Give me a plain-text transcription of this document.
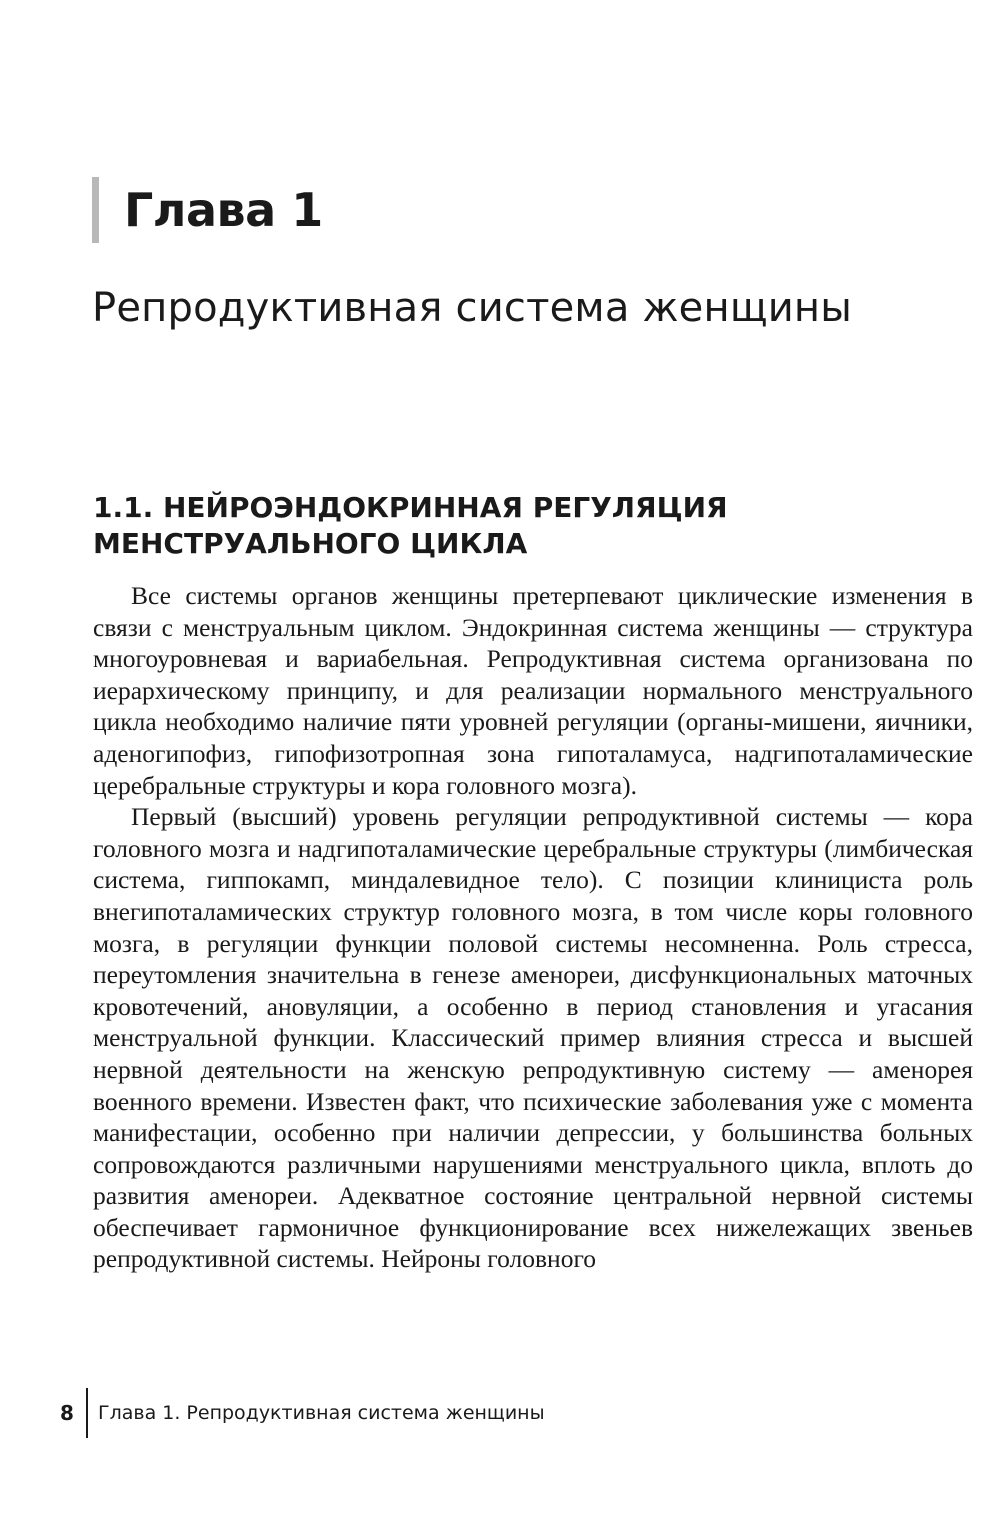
Глава 1
Репродуктивная система женщины
1.1. НЕЙРОЭНДОКРИННАЯ РЕГУЛЯЦИЯ МЕНСТРУАЛЬНОГО ЦИКЛА

Все системы органов женщины претерпевают циклические изменения в связи с менструальным циклом. Эндокринная система женщины — структура многоуровневая и вариабельная. Репродуктивная система организована по иерархическому принципу, и для реализации нормального менструального цикла необходимо наличие пяти уровней регуляции (органы-мишени, яичники, аденогипофиз, гипофизотропная зона гипоталамуса, надгипоталамические церебральные структуры и кора головного мозга).

Первый (высший) уровень регуляции репродуктивной системы — кора головного мозга и надгипоталамические церебральные структуры (лимбическая система, гиппокамп, миндалевидное тело). С позиции клинициста роль внегипоталамических структур головного мозга, в том числе коры головного мозга, в регуляции функции половой системы несомненна. Роль стресса, переутомления значительна в генезе аменореи, дисфункциональных маточных кровотечений, ановуляции, а особенно в период становления и угасания менструальной функции. Классический пример влияния стресса и высшей нервной деятельности на женскую репродуктивную систему — аменорея военного времени. Известен факт, что психические заболевания уже с момента манифестации, особенно при наличии депрессии, у большинства больных сопровождаются различными нарушениями менструального цикла, вплоть до развития аменореи. Адекватное состояние центральной нервной системы обеспечивает гармоничное функционирование всех нижележащих звеньев репродуктивной системы. Нейроны головного

8	Глава 1. Репродуктивная система женщины
